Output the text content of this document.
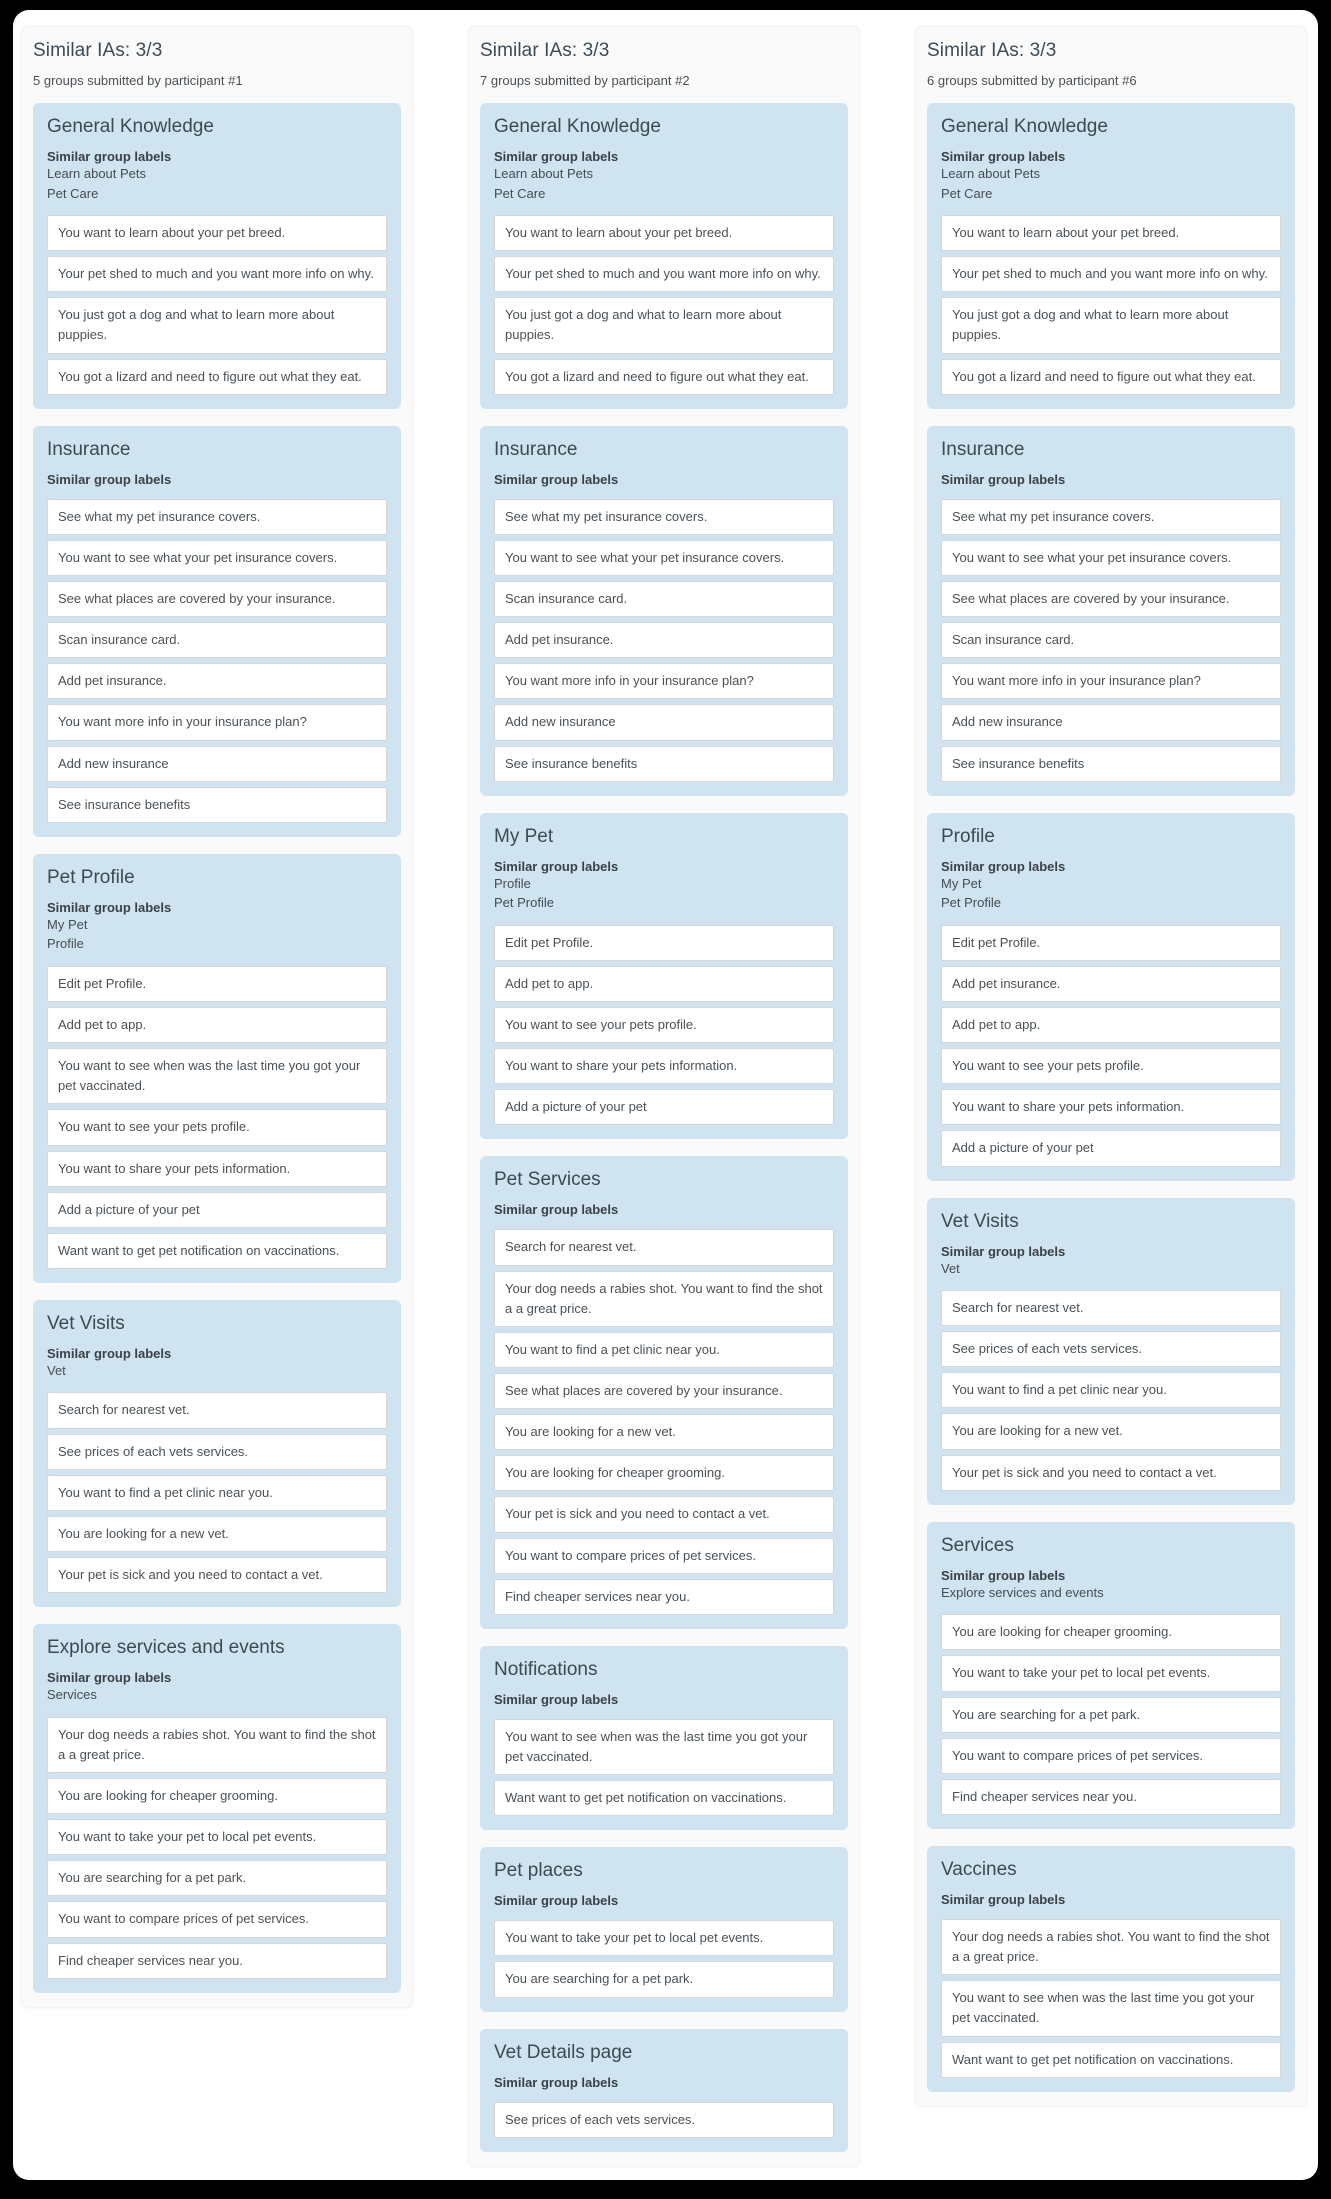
Similar IAs: 3/3

5 groups submitted by participant #1

General Knowledge
Similar group labels
Learn about Pets
Pet Care
You want to learn about your pet breed.
Your pet shed to much and you want more info on why.
You just got a dog and what to learn more about puppies.
You got a lizard and need to figure out what they eat.
Insurance
Similar group labels
See what my pet insurance covers.
You want to see what your pet insurance covers.
See what places are covered by your insurance.
Scan insurance card.
Add pet insurance.
You want more info in your insurance plan?
Add new insurance
See insurance benefits
Pet Profile
Similar group labels
My Pet
Profile
Edit pet Profile.
Add pet to app.
You want to see when was the last time you got your pet vaccinated.
You want to see your pets profile.
You want to share your pets information.
Add a picture of your pet
Want want to get pet notification on vaccinations.
Vet Visits
Similar group labels
Vet
Search for nearest vet.
See prices of each vets services.
You want to find a pet clinic near you.
You are looking for a new vet.
Your pet is sick and you need to contact a vet.
Explore services and events
Similar group labels
Services
Your dog needs a rabies shot. You want to find the shot a a great price.
You are looking for cheaper grooming.
You want to take your pet to local pet events.
You are searching for a pet park.
You want to compare prices of pet services.
Find cheaper services near you.
Similar IAs: 3/3

7 groups submitted by participant #2

General Knowledge
Similar group labels
Learn about Pets
Pet Care
You want to learn about your pet breed.
Your pet shed to much and you want more info on why.
You just got a dog and what to learn more about puppies.
You got a lizard and need to figure out what they eat.
Insurance
Similar group labels
See what my pet insurance covers.
You want to see what your pet insurance covers.
Scan insurance card.
Add pet insurance.
You want more info in your insurance plan?
Add new insurance
See insurance benefits
My Pet
Similar group labels
Profile
Pet Profile
Edit pet Profile.
Add pet to app.
You want to see your pets profile.
You want to share your pets information.
Add a picture of your pet
Pet Services
Similar group labels
Search for nearest vet.
Your dog needs a rabies shot. You want to find the shot a a great price.
You want to find a pet clinic near you.
See what places are covered by your insurance.
You are looking for a new vet.
You are looking for cheaper grooming.
Your pet is sick and you need to contact a vet.
You want to compare prices of pet services.
Find cheaper services near you.
Notifications
Similar group labels
You want to see when was the last time you got your pet vaccinated.
Want want to get pet notification on vaccinations.
Pet places
Similar group labels
You want to take your pet to local pet events.
You are searching for a pet park.
Vet Details page
Similar group labels
See prices of each vets services.
Similar IAs: 3/3

6 groups submitted by participant #6

General Knowledge
Similar group labels
Learn about Pets
Pet Care
You want to learn about your pet breed.
Your pet shed to much and you want more info on why.
You just got a dog and what to learn more about puppies.
You got a lizard and need to figure out what they eat.
Insurance
Similar group labels
See what my pet insurance covers.
You want to see what your pet insurance covers.
See what places are covered by your insurance.
Scan insurance card.
You want more info in your insurance plan?
Add new insurance
See insurance benefits
Profile
Similar group labels
My Pet
Pet Profile
Edit pet Profile.
Add pet insurance.
Add pet to app.
You want to see your pets profile.
You want to share your pets information.
Add a picture of your pet
Vet Visits
Similar group labels
Vet
Search for nearest vet.
See prices of each vets services.
You want to find a pet clinic near you.
You are looking for a new vet.
Your pet is sick and you need to contact a vet.
Services
Similar group labels
Explore services and events
You are looking for cheaper grooming.
You want to take your pet to local pet events.
You are searching for a pet park.
You want to compare prices of pet services.
Find cheaper services near you.
Vaccines
Similar group labels
Your dog needs a rabies shot. You want to find the shot a a great price.
You want to see when was the last time you got your pet vaccinated.
Want want to get pet notification on vaccinations.
